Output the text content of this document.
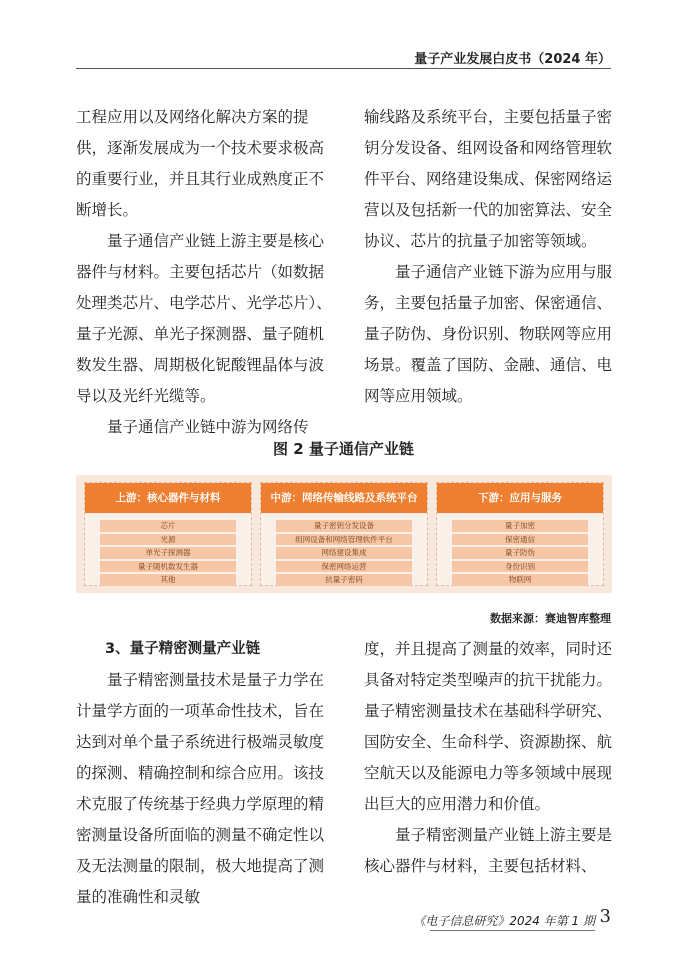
量子产业发展白皮书（2024 年）

工程应用以及网络化解决方案的提供，逐渐发展成为一个技术要求极高的重要行业，并且其行业成熟度正不断增长。

量子通信产业链上游主要是核心器件与材料。主要包括芯片（如数据处理类芯片、电学芯片、光学芯片）、量子光源、单光子探测器、量子随机数发生器、周期极化铌酸锂晶体与波导以及光纤光缆等。

量子通信产业链中游为网络传

输线路及系统平台，主要包括量子密钥分发设备、组网设备和网络管理软件平台、网络建设集成、保密网络运营以及包括新一代的加密算法、安全协议、芯片的抗量子加密等领域。

量子通信产业链下游为应用与服务，主要包括量子加密、保密通信、量子防伪、身份识别、物联网等应用场景。覆盖了国防、金融、通信、电网等应用领域。

图 2 量子通信产业链
上游：核心器件与材料
芯片
光源
单光子探测器
量子随机数发生器
其他
中游：网络传输线路及系统平台
量子密钥分发设备
组网设备和网络管理软件平台
网络建设集成
保密网络运营
抗量子密码
下游：应用与服务
量子加密
保密通信
量子防伪
身份识别
物联网
数据来源：赛迪智库整理

3、量子精密测量产业链

量子精密测量技术是量子力学在计量学方面的一项革命性技术，旨在达到对单个量子系统进行极端灵敏度的探测、精确控制和综合应用。该技术克服了传统基于经典力学原理的精密测量设备所面临的测量不确定性以及无法测量的限制，极大地提高了测量的准确性和灵敏

度，并且提高了测量的效率，同时还具备对特定类型噪声的抗干扰能力。量子精密测量技术在基础科学研究、国防安全、生命科学、资源勘探、航空航天以及能源电力等多领域中展现出巨大的应用潜力和价值。

量子精密测量产业链上游主要是核心器件与材料，主要包括材料、

《电子信息研究》2024 年第 1 期 3
